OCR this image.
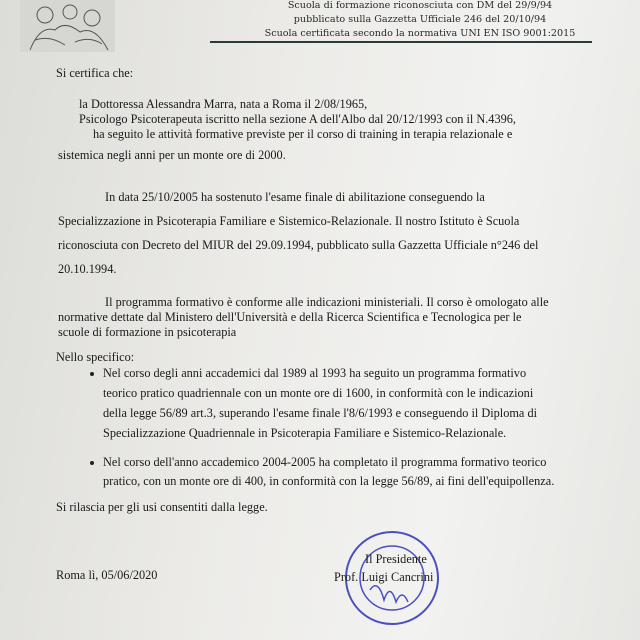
Scuola di formazione riconosciuta con DM del 29/9/94
pubblicato sulla Gazzetta Ufficiale 246 del 20/10/94
Scuola certificata secondo la normativa UNI EN ISO 9001:2015
Si certifica che:
la Dottoressa Alessandra Marra, nata a Roma il 2/08/1965,
Psicologo Psicoterapeuta iscritto nella sezione A dell'Albo dal 20/12/1993 con il N.4396,
ha seguito le attività formative previste per il corso di training in terapia relazionale e
sistemica negli anni per un monte ore di 2000.
In data 25/10/2005 ha sostenuto l'esame finale di abilitazione conseguendo la
Specializzazione in Psicoterapia Familiare e Sistemico-Relazionale. Il nostro Istituto è Scuola
riconosciuta con Decreto del MIUR del 29.09.1994, pubblicato sulla Gazzetta Ufficiale n°246 del
20.10.1994.
Il programma formativo è conforme alle indicazioni ministeriali. Il corso è omologato alle
normative dettate dal Ministero dell'Università e della Ricerca Scientifica e Tecnologica per le
scuole di formazione in psicoterapia
Nello specifico:
Nel corso degli anni accademici dal 1989 al 1993 ha seguito un programma formativo
teorico pratico quadriennale con un monte ore di 1600, in conformità con le indicazioni
della legge 56/89 art.3, superando l'esame finale l'8/6/1993 e conseguendo il Diploma di
Specializzazione Quadriennale in Psicoterapia Familiare e Sistemico-Relazionale.
Nel corso dell'anno accademico 2004-2005 ha completato il programma formativo teorico
pratico, con un monte ore di 400, in conformità con la legge 56/89, ai fini dell'equipollenza.
Si rilascia per gli usi consentiti dalla legge.
Roma lì, 05/06/2020
Il Presidente
Prof. Luigi Cancrini
